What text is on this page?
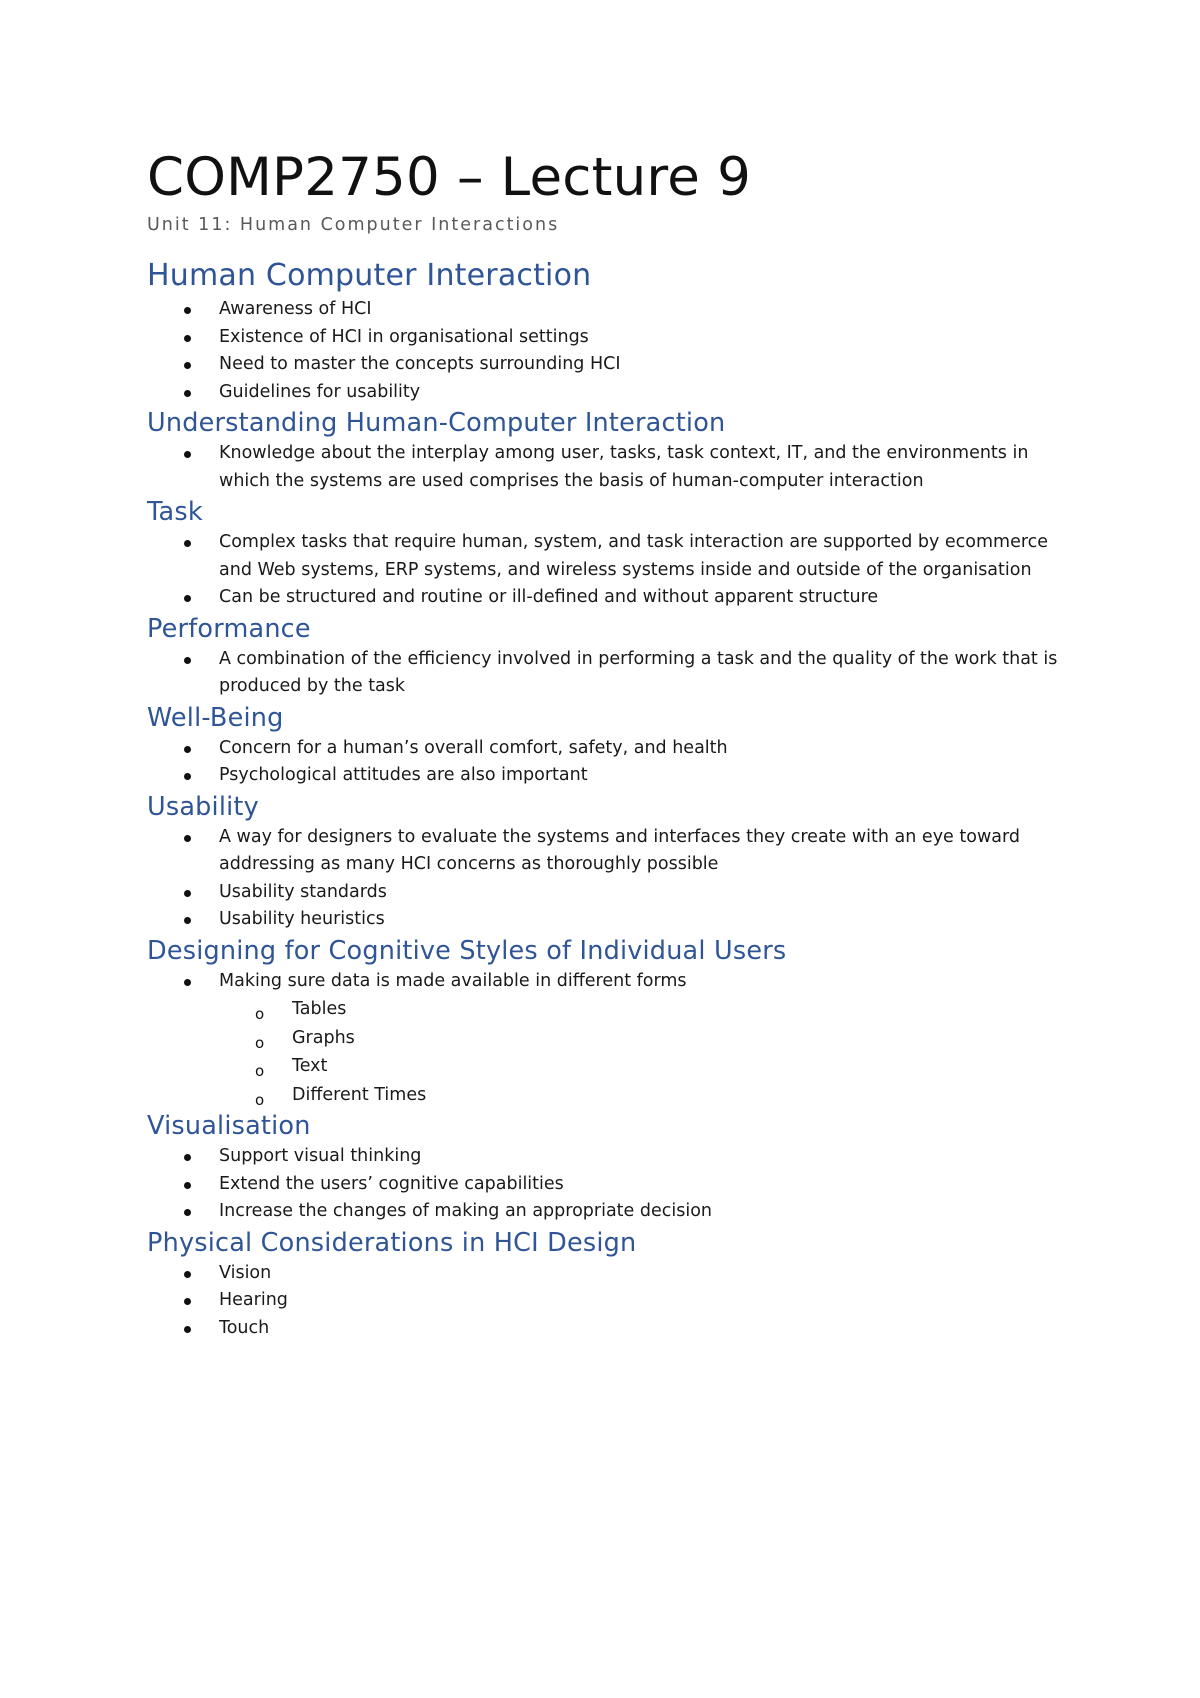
COMP2750 – Lecture 9

Unit 11: Human Computer Interactions

Human Computer Interaction
Awareness of HCI
Existence of HCI in organisational settings
Need to master the concepts surrounding HCI
Guidelines for usability
Understanding Human-Computer Interaction
Knowledge about the interplay among user, tasks, task context, IT, and the environments in which the systems are used comprises the basis of human-computer interaction
Task
Complex tasks that require human, system, and task interaction are supported by ecommerce and Web systems, ERP systems, and wireless systems inside and outside of the organisation
Can be structured and routine or ill-defined and without apparent structure
Performance
A combination of the efficiency involved in performing a task and the quality of the work that is produced by the task
Well-Being
Concern for a human’s overall comfort, safety, and health
Psychological attitudes are also important
Usability
A way for designers to evaluate the systems and interfaces they create with an eye toward addressing as many HCI concerns as thoroughly possible
Usability standards
Usability heuristics
Designing for Cognitive Styles of Individual Users
Making sure data is made available in different forms
o Tables
o Graphs
o Text
o Different Times
Visualisation
Support visual thinking
Extend the users’ cognitive capabilities
Increase the changes of making an appropriate decision
Physical Considerations in HCI Design
Vision
Hearing
Touch
